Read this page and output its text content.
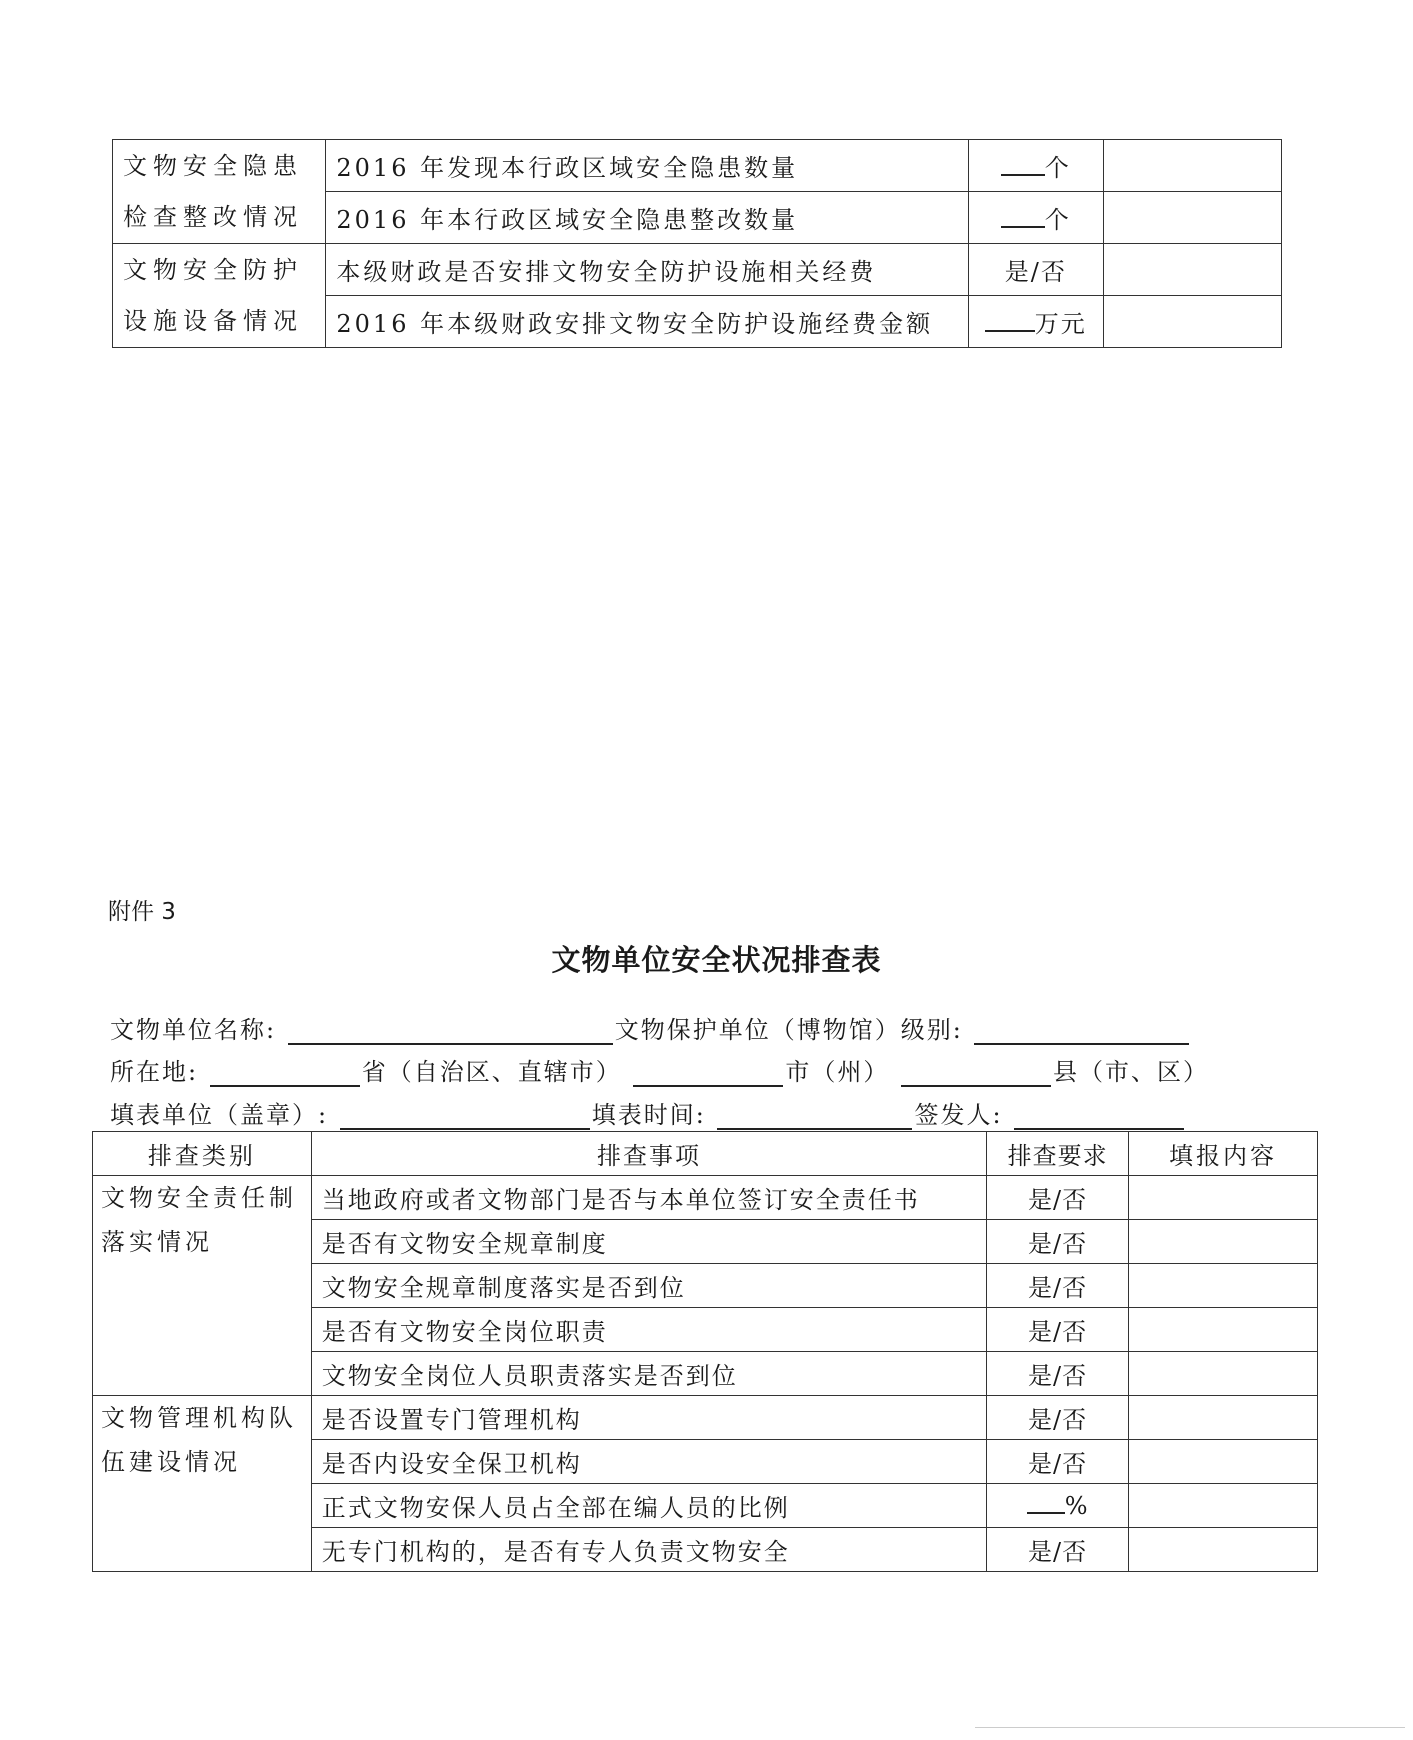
文物安全隐患
检查整改情况	2016 年发现本行政区域安全隐患数量	个	
	2016 年本行政区域安全隐患整改数量	个	

文物安全防护
设施设备情况	本级财政是否安排文物安全防护设施相关经费	是/否	
	2016 年本级财政安排文物安全防护设施经费金额	万元	
附件 3
文物单位安全状况排查表
文物单位名称:	文物保护单位（博物馆）级别:
所在地:	省（自治区、直辖市）	市（州）	县（市、区）
填表单位（盖章）:	填表时间:	签发人:
排查类别	排查事项	排查要求	填报内容

文物安全责任制
落实情况	当地政府或者文物部门是否与本单位签订安全责任书	是/否	
	是否有文物安全规章制度	是/否	
	文物安全规章制度落实是否到位	是/否	
	是否有文物安全岗位职责	是/否	
	文物安全岗位人员职责落实是否到位	是/否	

文物管理机构队
伍建设情况	是否设置专门管理机构	是/否	
	是否内设安全保卫机构	是/否	
	正式文物安保人员占全部在编人员的比例	%	
	无专门机构的，是否有专人负责文物安全	是/否	
